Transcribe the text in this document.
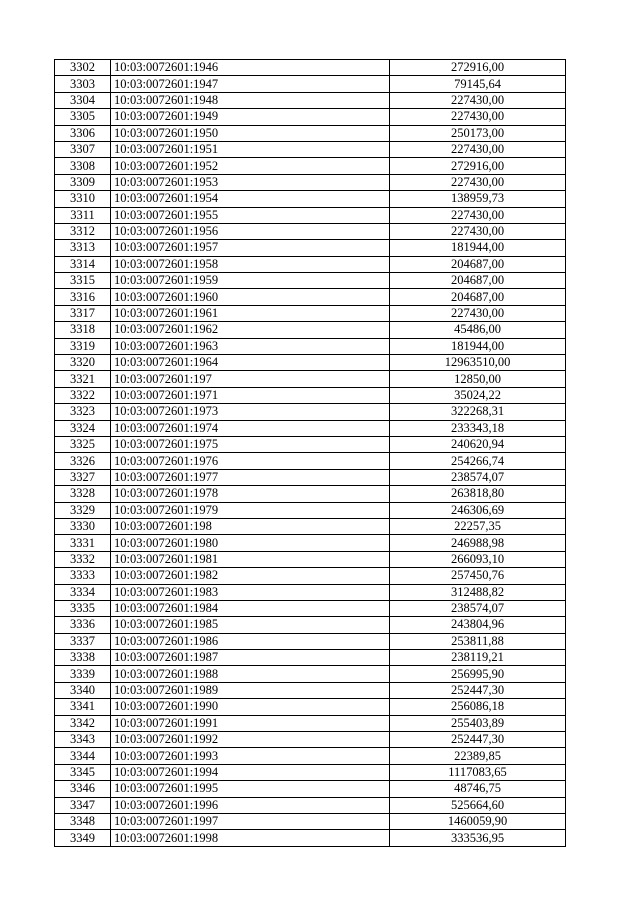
3302	10:03:0072601:1946	272916,00
3303	10:03:0072601:1947	79145,64
3304	10:03:0072601:1948	227430,00
3305	10:03:0072601:1949	227430,00
3306	10:03:0072601:1950	250173,00
3307	10:03:0072601:1951	227430,00
3308	10:03:0072601:1952	272916,00
3309	10:03:0072601:1953	227430,00
3310	10:03:0072601:1954	138959,73
3311	10:03:0072601:1955	227430,00
3312	10:03:0072601:1956	227430,00
3313	10:03:0072601:1957	181944,00
3314	10:03:0072601:1958	204687,00
3315	10:03:0072601:1959	204687,00
3316	10:03:0072601:1960	204687,00
3317	10:03:0072601:1961	227430,00
3318	10:03:0072601:1962	45486,00
3319	10:03:0072601:1963	181944,00
3320	10:03:0072601:1964	12963510,00
3321	10:03:0072601:197	12850,00
3322	10:03:0072601:1971	35024,22
3323	10:03:0072601:1973	322268,31
3324	10:03:0072601:1974	233343,18
3325	10:03:0072601:1975	240620,94
3326	10:03:0072601:1976	254266,74
3327	10:03:0072601:1977	238574,07
3328	10:03:0072601:1978	263818,80
3329	10:03:0072601:1979	246306,69
3330	10:03:0072601:198	22257,35
3331	10:03:0072601:1980	246988,98
3332	10:03:0072601:1981	266093,10
3333	10:03:0072601:1982	257450,76
3334	10:03:0072601:1983	312488,82
3335	10:03:0072601:1984	238574,07
3336	10:03:0072601:1985	243804,96
3337	10:03:0072601:1986	253811,88
3338	10:03:0072601:1987	238119,21
3339	10:03:0072601:1988	256995,90
3340	10:03:0072601:1989	252447,30
3341	10:03:0072601:1990	256086,18
3342	10:03:0072601:1991	255403,89
3343	10:03:0072601:1992	252447,30
3344	10:03:0072601:1993	22389,85
3345	10:03:0072601:1994	1117083,65
3346	10:03:0072601:1995	48746,75
3347	10:03:0072601:1996	525664,60
3348	10:03:0072601:1997	1460059,90
3349	10:03:0072601:1998	333536,95
